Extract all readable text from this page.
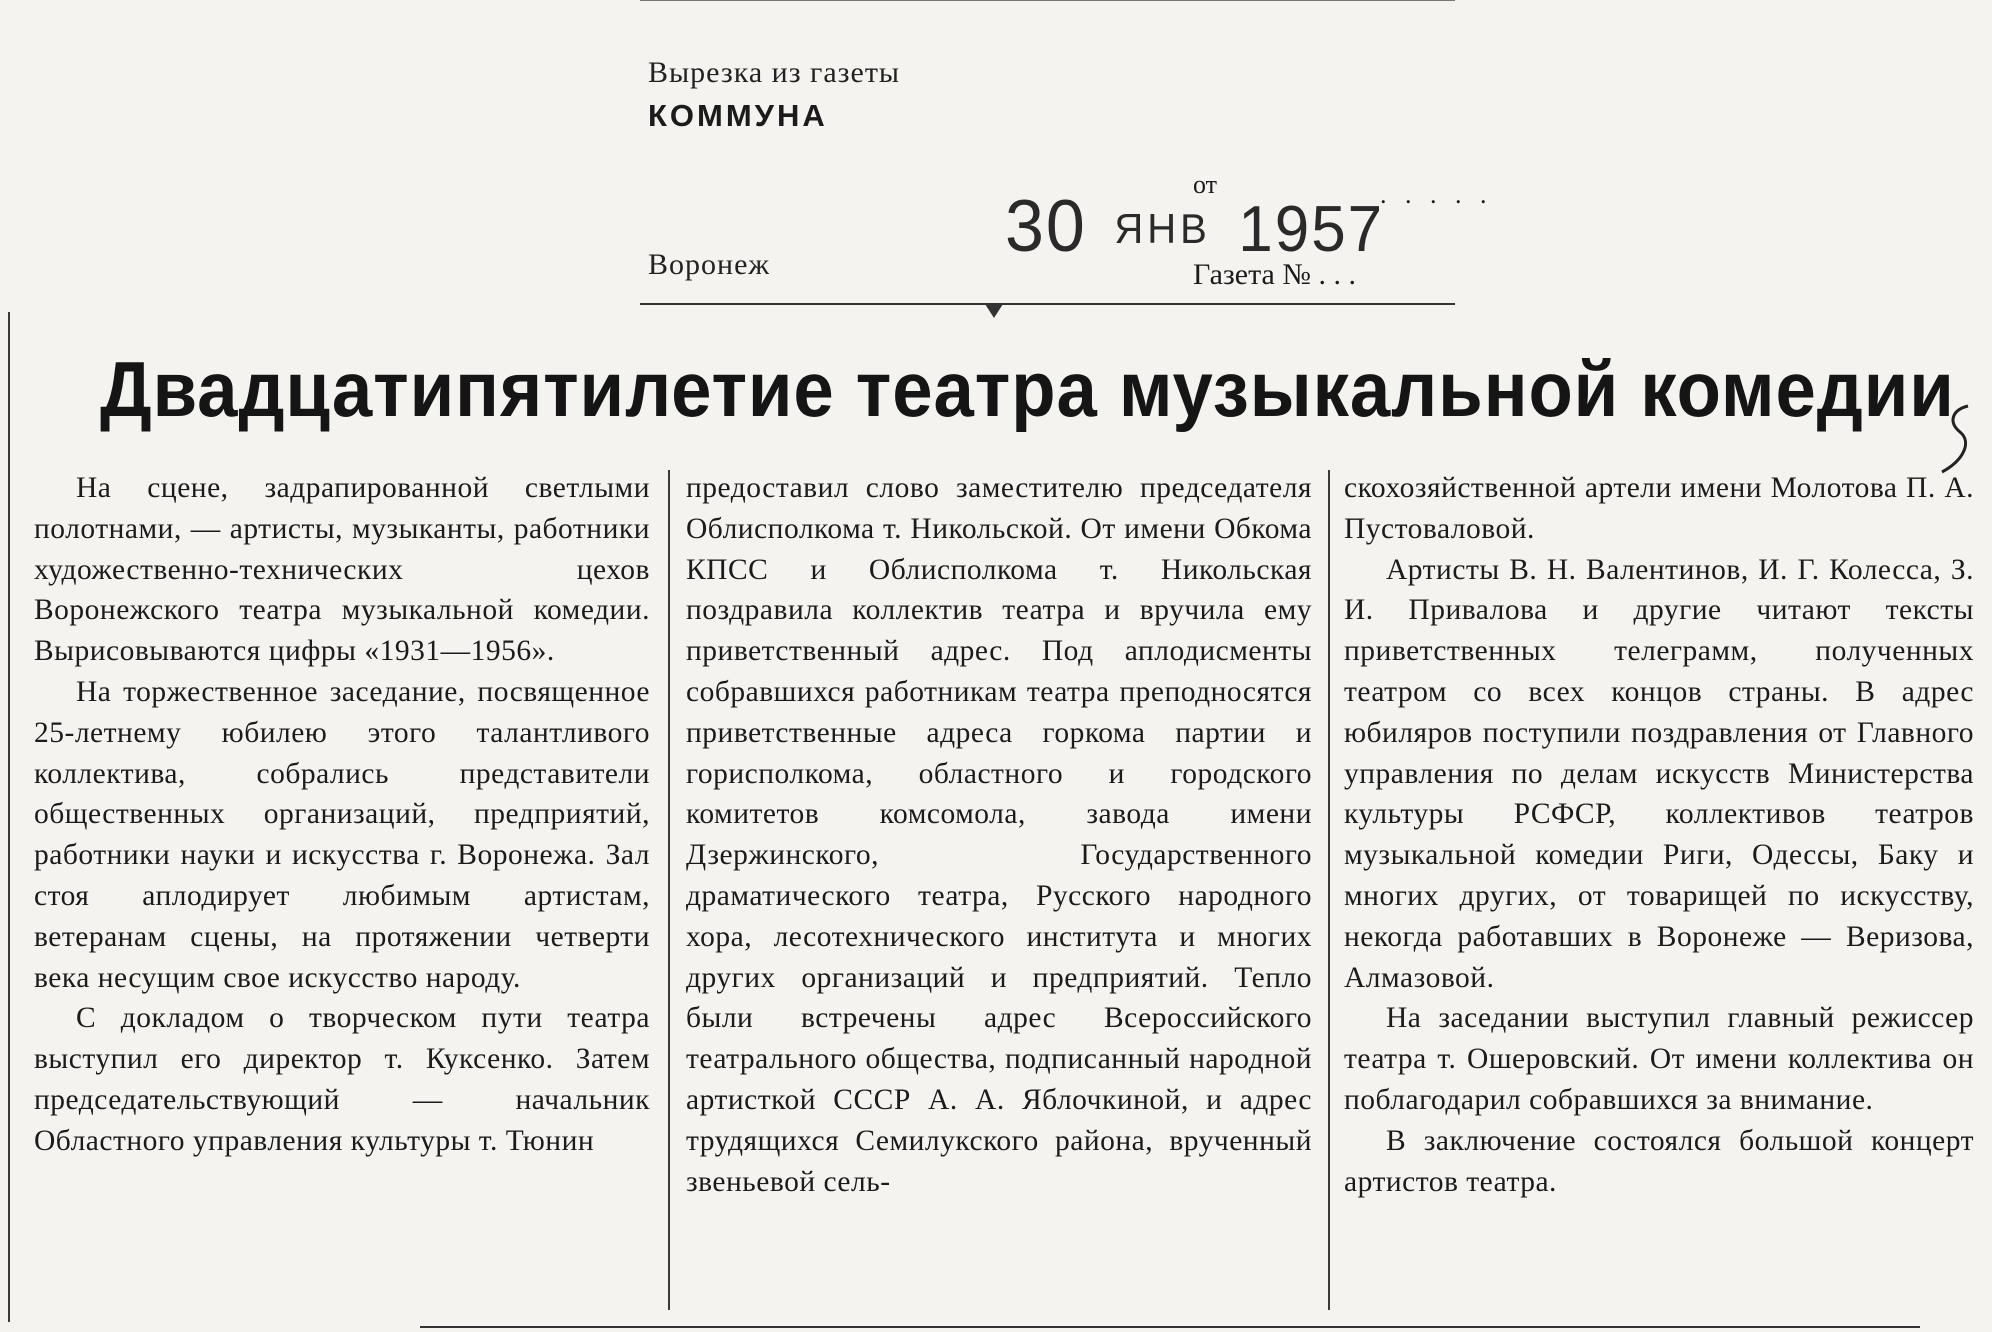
Вырезка из газеты
КОММУНА
Воронеж
от	. . . . .
Газета № . . .
30 ЯНВ 1957
Двадцатипятилетие театра музыкальной комедии

На сцене, задрапированной светлыми полотнами, — артисты, музыканты, работники художественно-технических цехов Воронежского театра музыкальной комедии. Вырисовываются цифры «1931—1956».

На торжественное заседание, посвященное 25-летнему юбилею этого талантливого коллектива, собрались представители общественных организаций, предприятий, работники науки и искусства г. Воронежа. Зал стоя аплодирует любимым артистам, ветеранам сцены, на протяжении четверти века несущим свое искусство народу.

С докладом о творческом пути театра выступил его директор т. Куксенко. Затем председательствующий — начальник Областного управления культуры т. Тюнин

предоставил слово заместителю председателя Облисполкома т. Никольской. От имени Обкома КПСС и Облисполкома т. Никольская поздравила коллектив театра и вручила ему приветственный адрес. Под аплодисменты собравшихся работникам театра преподносятся приветственные адреса горкома партии и горисполкома, областного и городского комитетов комсомола, завода имени Дзержинского, Государственного драматического театра, Русского народного хора, лесотехнического института и многих других организаций и предприятий. Тепло были встречены адрес Всероссийского театрального общества, подписанный народной артисткой СССР А. А. Яблочкиной, и адрес трудящихся Семилукского района, врученный звеньевой сель-

скохозяйственной артели имени Молотова П. А. Пустоваловой.

Артисты В. Н. Валентинов, И. Г. Колесса, З. И. Привалова и другие читают тексты приветственных телеграмм, полученных театром со всех концов страны. В адрес юбиляров поступили поздравления от Главного управления по делам искусств Министерства культуры РСФСР, коллективов театров музыкальной комедии Риги, Одессы, Баку и многих других, от товарищей по искусству, некогда работавших в Воронеже — Веризова, Алмазовой.

На заседании выступил главный режиссер театра т. Ошеровский. От имени коллектива он поблагодарил собравшихся за внимание.

В заключение состоялся большой концерт артистов театра.
